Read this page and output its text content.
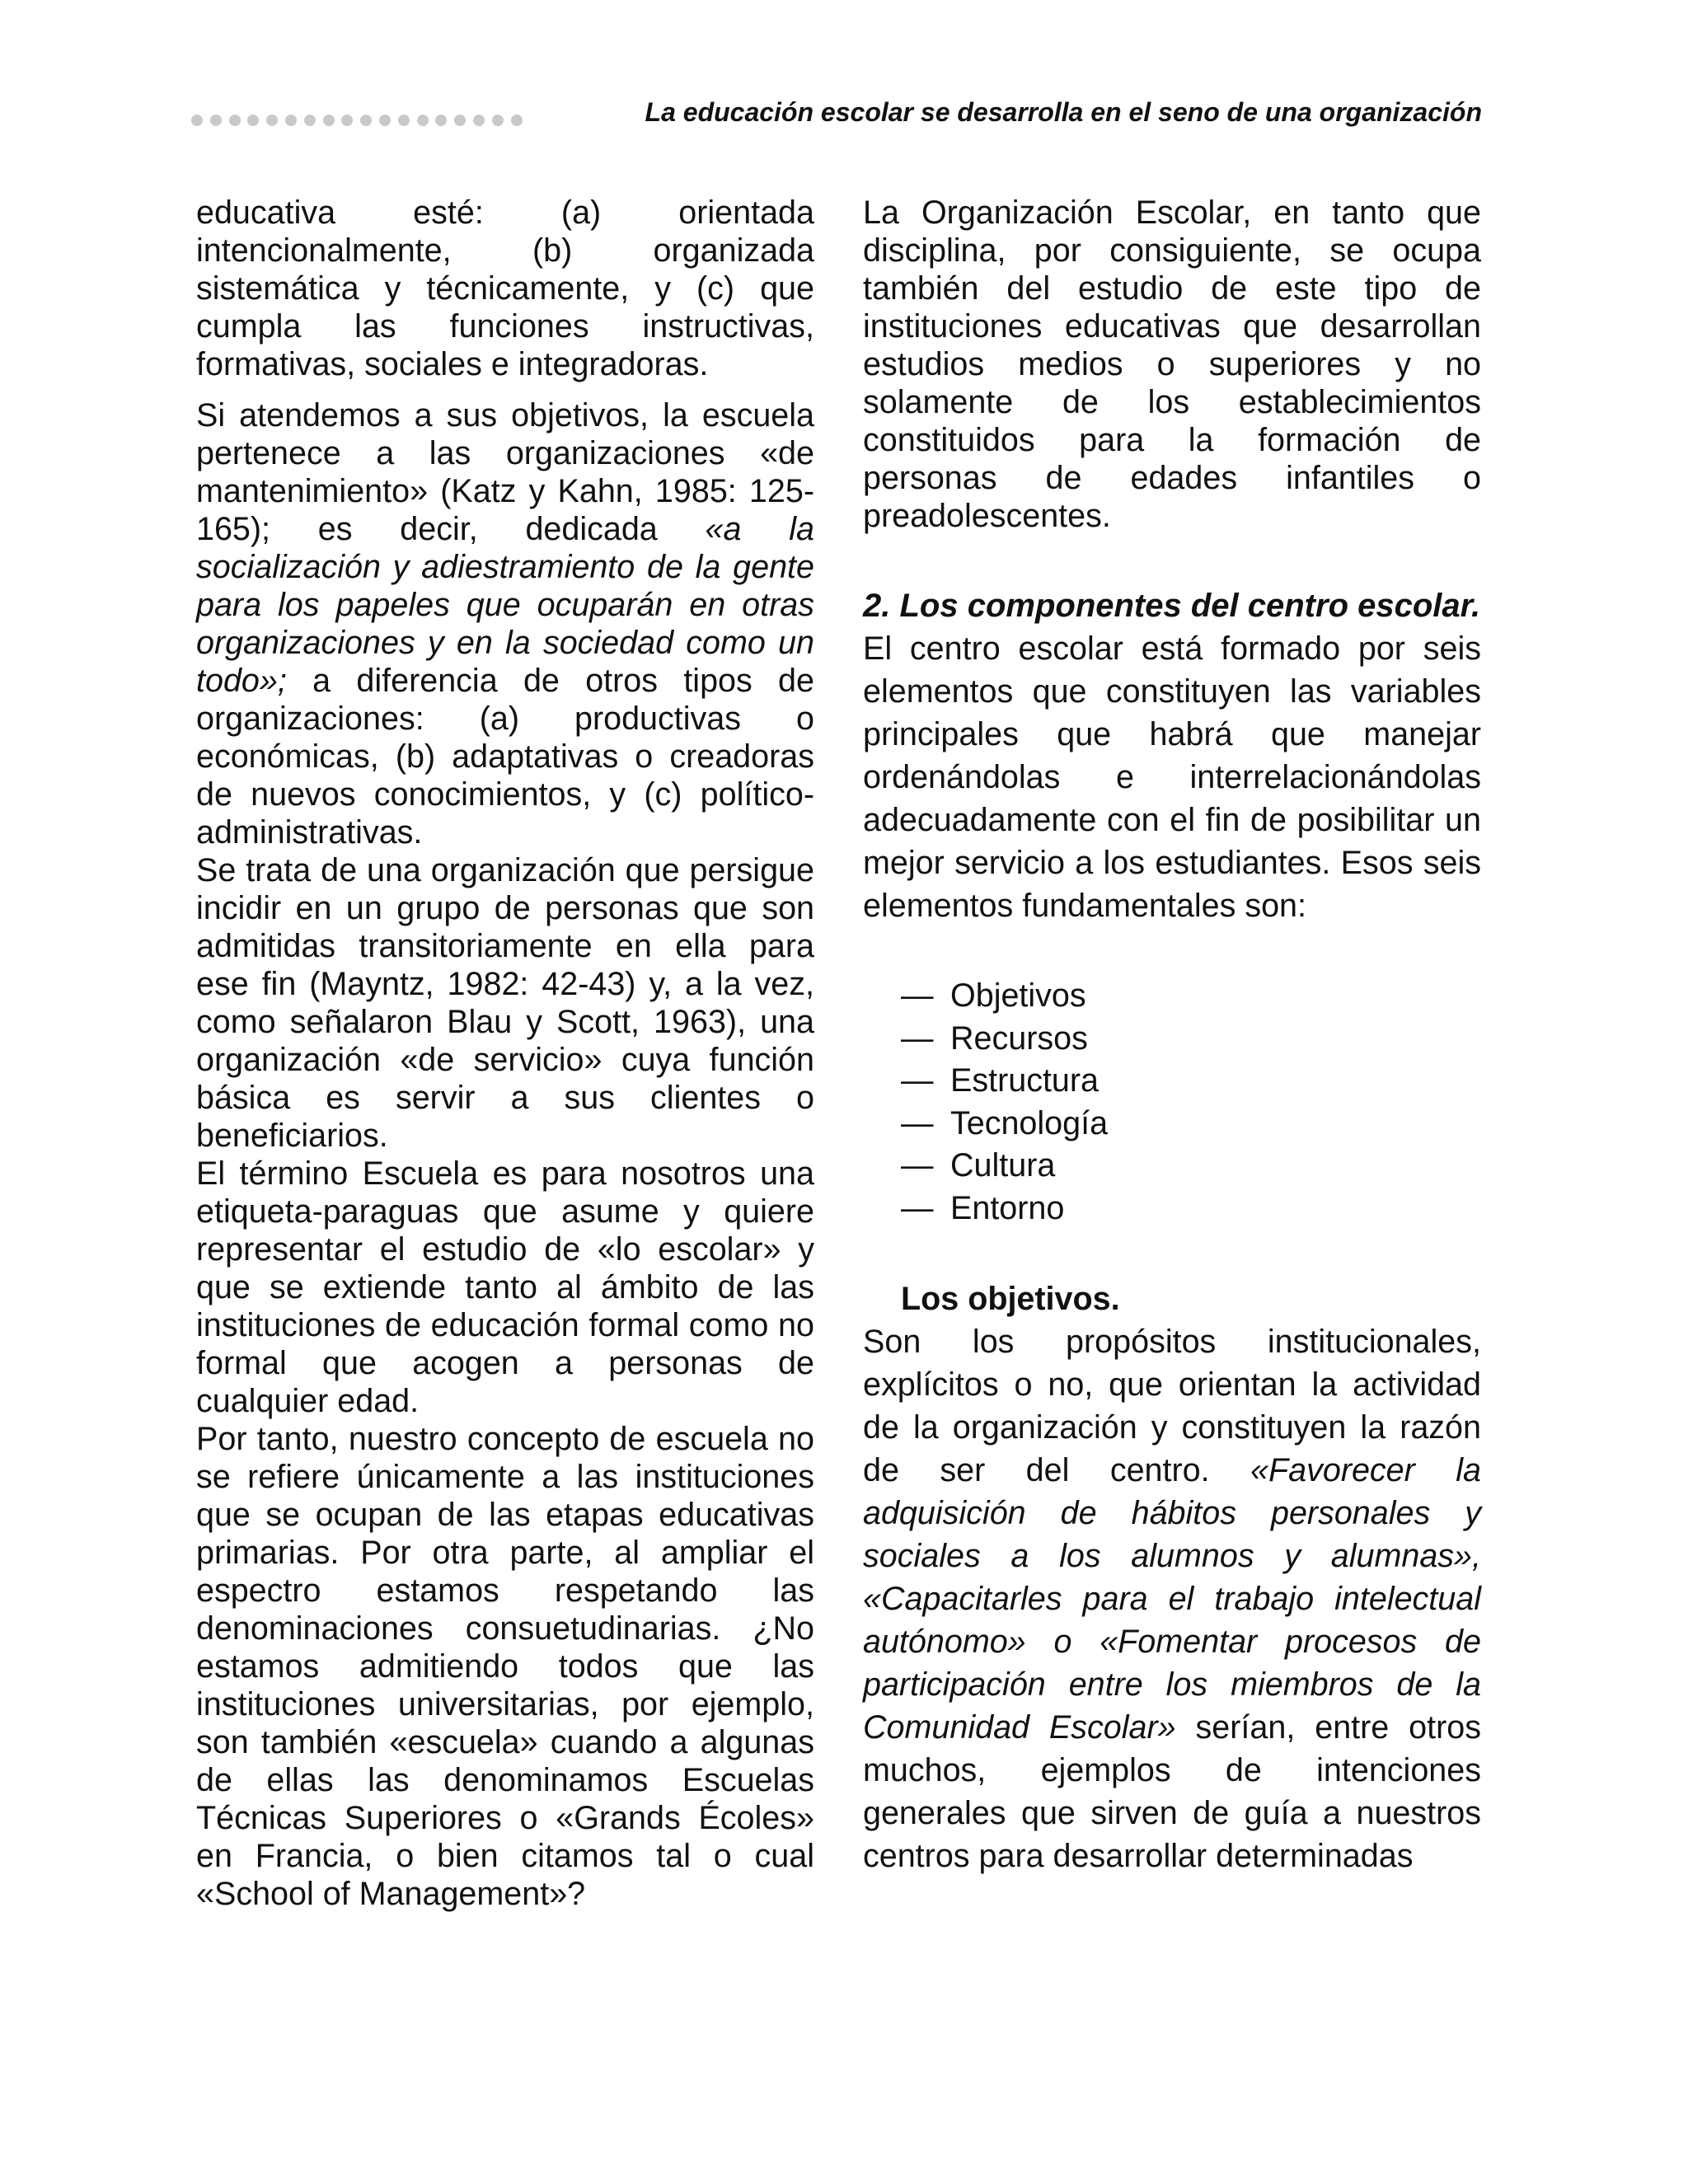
La educación escolar se desarrolla en el seno de una organización

educativa esté: (a) orientada intencionalmente, (b) organizada sistemática y técnicamente, y (c) que cumpla las funciones instructivas, formativas, sociales e integradoras.

Si atendemos a sus objetivos, la escuela pertenece a las organizaciones «de mantenimiento» (Katz y Kahn, 1985: 125-165); es decir, dedicada «a la socialización y adiestramiento de la gente para los papeles que ocuparán en otras organizaciones y en la sociedad como un todo»; a diferencia de otros tipos de organizaciones: (a) productivas o económicas, (b) adaptativas o creadoras de nuevos conocimientos, y (c) político-administrativas.

Se trata de una organización que persigue incidir en un grupo de personas que son admitidas transitoriamente en ella para ese fin (Mayntz, 1982: 42-43) y, a la vez, como señalaron Blau y Scott, 1963), una organización «de servicio» cuya función básica es servir a sus clientes o beneficiarios.

El término Escuela es para nosotros una etiqueta-paraguas que asume y quiere representar el estudio de «lo escolar» y que se extiende tanto al ámbito de las instituciones de educación formal como no formal que acogen a personas de cualquier edad.

Por tanto, nuestro concepto de escuela no se refiere únicamente a las instituciones que se ocupan de las etapas educativas primarias. Por otra parte, al ampliar el espectro estamos respetando las denominaciones consuetudinarias. ¿No estamos admitiendo todos que las instituciones universitarias, por ejemplo, son también «escuela» cuando a algunas de ellas las denominamos Escuelas Técnicas Superiores o «Grands Écoles» en Francia, o bien citamos tal o cual «School of Management»?

La Organización Escolar, en tanto que disciplina, por consiguiente, se ocupa también del estudio de este tipo de instituciones educativas que desarrollan estudios medios o superiores y no solamente de los establecimientos constituidos para la formación de personas de edades infantiles o preadolescentes.

2. Los componentes del centro escolar.

El centro escolar está formado por seis elementos que constituyen las variables principales que habrá que manejar ordenándolas e interrelacionándolas adecuadamente con el fin de posibilitar un mejor servicio a los estudiantes. Esos seis elementos fundamentales son:

— Objetivos
— Recursos
— Estructura
— Tecnología
— Cultura
— Entorno
Los objetivos.

Son los propósitos institucionales, explícitos o no, que orientan la actividad de la organización y constituyen la razón de ser del centro. «Favorecer la adquisición de hábitos personales y sociales a los alumnos y alumnas», «Capacitarles para el trabajo intelectual autónomo» o «Fomentar procesos de participación entre los miembros de la Comunidad Escolar» serían, entre otros muchos, ejemplos de intenciones generales que sirven de guía a nuestros centros para desarrollar determinadas
